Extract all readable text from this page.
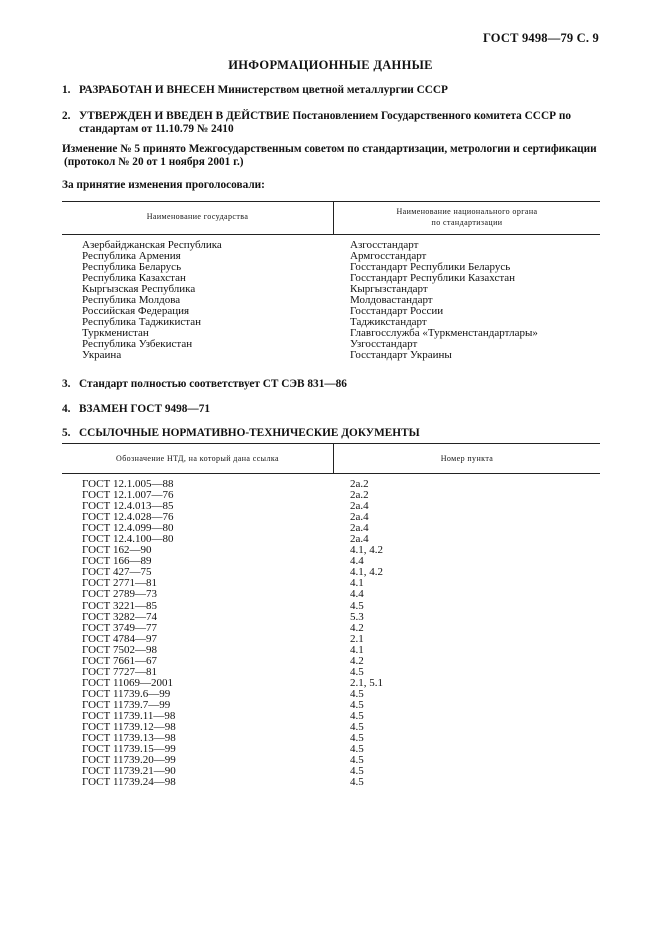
ГОСТ 9498—79 С. 9
ИНФОРМАЦИОННЫЕ ДАННЫЕ
1. РАЗРАБОТАН И ВНЕСЕН Министерством цветной металлургии СССР
2. УТВЕРЖДЕН И ВВЕДЕН В ДЕЙСТВИЕ Постановлением Государственного комитета СССР по
стандартам от 11.10.79 № 2410
Изменение № 5 принято Межгосударственным советом по стандартизации, метрологии и сертификации
(протокол № 20 от 1 ноября 2001 г.)
За принятие изменения проголосовали:
Наименование государства
Наименование национального органа
по стандартизации
Азербайджанская Республика
Республика Армения
Республика Беларусь
Республика Казахстан
Кыргызская Республика
Республика Молдова
Российская Федерация
Республика Таджикистан
Туркменистан
Республика Узбекистан
Украина
Азгосстандарт
Армгосстандарт
Госстандарт Республики Беларусь
Госстандарт Республики Казахстан
Кыргызстандарт
Молдовастандарт
Госстандарт России
Таджикстандарт
Главгосслужба «Туркменстандартлары»
Узгосстандарт
Госстандарт Украины
3. Стандарт полностью соответствует СТ СЭВ 831—86
4. ВЗАМЕН ГОСТ 9498—71
5. ССЫЛОЧНЫЕ НОРМАТИВНО-ТЕХНИЧЕСКИЕ ДОКУМЕНТЫ
Обозначение НТД, на который дана ссылка	Номер пункта
ГОСТ 12.1.005—88
ГОСТ 12.1.007—76
ГОСТ 12.4.013—85
ГОСТ 12.4.028—76
ГОСТ 12.4.099—80
ГОСТ 12.4.100—80
ГОСТ 162—90
ГОСТ 166—89
ГОСТ 427—75
ГОСТ 2771—81
ГОСТ 2789—73
ГОСТ 3221—85
ГОСТ 3282—74
ГОСТ 3749—77
ГОСТ 4784—97
ГОСТ 7502—98
ГОСТ 7661—67
ГОСТ 7727—81
ГОСТ 11069—2001
ГОСТ 11739.6—99
ГОСТ 11739.7—99
ГОСТ 11739.11—98
ГОСТ 11739.12—98
ГОСТ 11739.13—98
ГОСТ 11739.15—99
ГОСТ 11739.20—99
ГОСТ 11739.21—90
ГОСТ 11739.24—98
2а.2
2а.2
2а.4
2а.4
2а.4
2а.4
4.1, 4.2
4.4
4.1, 4.2
4.1
4.4
4.5
5.3
4.2
2.1
4.1
4.2
4.5
2.1, 5.1
4.5
4.5
4.5
4.5
4.5
4.5
4.5
4.5
4.5
